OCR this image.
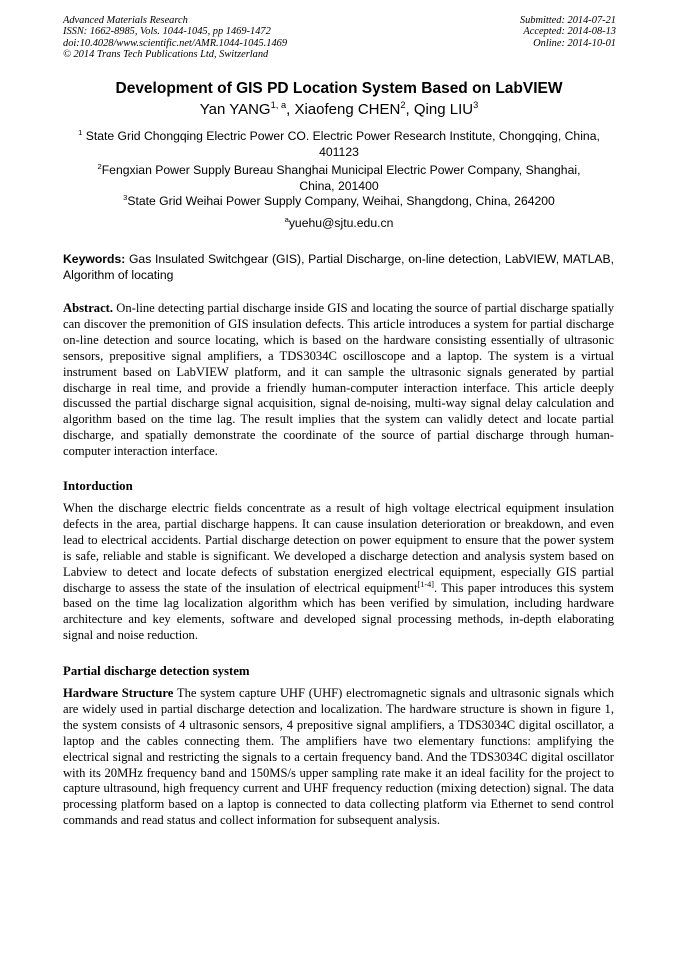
Advanced Materials Research
ISSN: 1662-8985, Vols. 1044-1045, pp 1469-1472
doi:10.4028/www.scientific.net/AMR.1044-1045.1469
© 2014 Trans Tech Publications Ltd, Switzerland
Submitted: 2014-07-21
Accepted: 2014-08-13
Online: 2014-10-01
Development of GIS PD Location System Based on LabVIEW
Yan YANG$^{1, a}$, Xiaofeng CHEN$^2$, Qing LIU$^3$
$^1$ State Grid Chongqing Electric Power CO. Electric Power Research Institute, Chongqing, China,
401123
$^2$Fengxian Power Supply Bureau Shanghai Municipal Electric Power Company, Shanghai,
China, 201400
$^3$State Grid Weihai Power Supply Company, Weihai, Shangdong, China, 264200
$^a$yuehu@sjtu.edu.cn
Keywords: Gas Insulated Switchgear (GIS), Partial Discharge, on-line detection, LabVIEW, MATLAB, Algorithm of locating
Abstract. On-line detecting partial discharge inside GIS and locating the source of partial discharge spatially can discover the premonition of GIS insulation defects. This article introduces a system for partial discharge on-line detection and source locating, which is based on the hardware consisting essentially of ultrasonic sensors, prepositive signal amplifiers, a TDS3034C oscilloscope and a laptop. The system is a virtual instrument based on LabVIEW platform, and it can sample the ultrasonic signals generated by partial discharge in real time, and provide a friendly human-computer interaction interface. This article deeply discussed the partial discharge signal acquisition, signal de-noising, multi-way signal delay calculation and algorithm based on the time lag. The result implies that the system can validly detect and locate partial discharge, and spatially demonstrate the coordinate of the source of partial discharge through human-computer interaction interface.
Intorduction
When the discharge electric fields concentrate as a result of high voltage electrical equipment insulation defects in the area, partial discharge happens. It can cause insulation deterioration or breakdown, and even lead to electrical accidents. Partial discharge detection on power equipment to ensure that the power system is safe, reliable and stable is significant. We developed a discharge detection and analysis system based on Labview to detect and locate defects of substation energized electrical equipment, especially GIS partial discharge to assess the state of the insulation of electrical equipment[1-4]. This paper introduces this system based on the time lag localization algorithm which has been verified by simulation, including hardware architecture and key elements, software and developed signal processing methods, in-depth elaborating signal and noise reduction.
Partial discharge detection system
Hardware Structure The system capture UHF (UHF) electromagnetic signals and ultrasonic signals which are widely used in partial discharge detection and localization. The hardware structure is shown in figure 1, the system consists of 4 ultrasonic sensors, 4 prepositive signal amplifiers, a TDS3034C digital oscillator, a laptop and the cables connecting them. The amplifiers have two elementary functions: amplifying the electrical signal and restricting the signals to a certain frequency band. And the TDS3034C digital oscillator with its 20MHz frequency band and 150MS/s upper sampling rate make it an ideal facility for the project to capture ultrasound, high frequency current and UHF frequency reduction (mixing detection) signal. The data processing platform based on a laptop is connected to data collecting platform via Ethernet to send control commands and read status and collect information for subsequent analysis.
